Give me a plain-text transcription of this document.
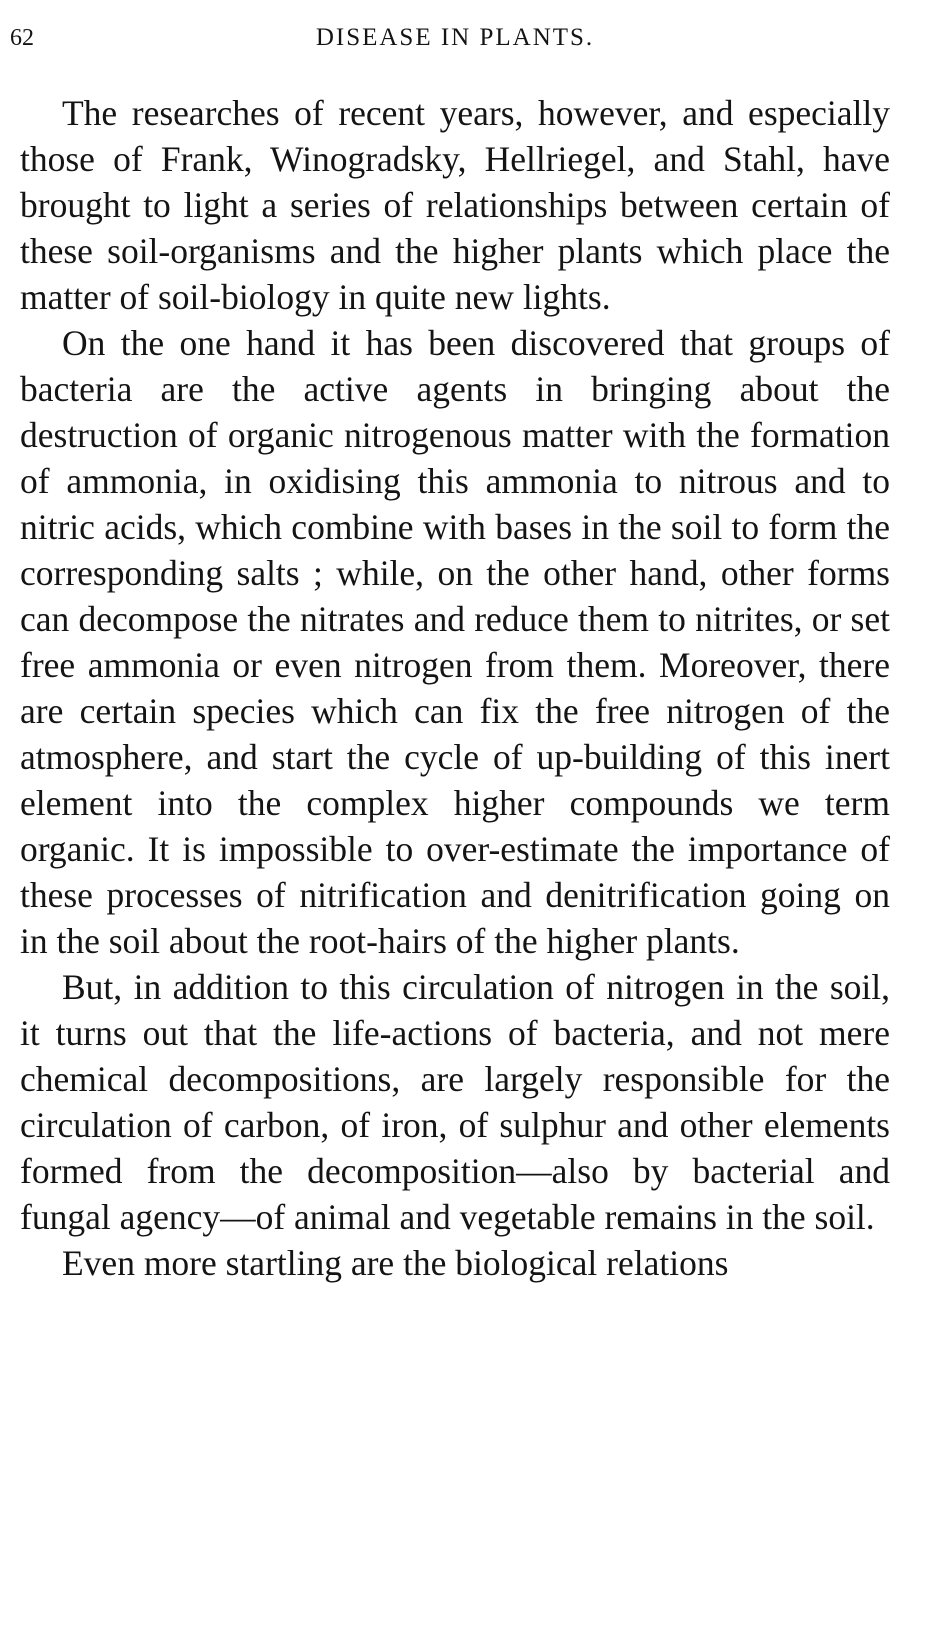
62	DISEASE IN PLANTS.

The researches of recent years, however, and especially those of Frank, Winogradsky, Hellriegel, and Stahl, have brought to light a series of relationships between certain of these soil-organisms and the higher plants which place the matter of soil-biology in quite new lights.

On the one hand it has been discovered that groups of bacteria are the active agents in bringing about the destruction of organic nitrogenous matter with the formation of ammonia, in oxidising this ammonia to nitrous and to nitric acids, which combine with bases in the soil to form the corresponding salts ; while, on the other hand, other forms can decompose the nitrates and reduce them to nitrites, or set free ammonia or even nitrogen from them. Moreover, there are certain species which can fix the free nitrogen of the atmosphere, and start the cycle of up-building of this inert element into the complex higher compounds we term organic. It is impossible to over-estimate the importance of these processes of nitrification and denitrification going on in the soil about the root-hairs of the higher plants.

But, in addition to this circulation of nitrogen in the soil, it turns out that the life-actions of bacteria, and not mere chemical decompositions, are largely responsible for the circulation of carbon, of iron, of sulphur and other elements formed from the decomposition—also by bacterial and fungal agency—of animal and vegetable remains in the soil.

Even more startling are the biological relations
